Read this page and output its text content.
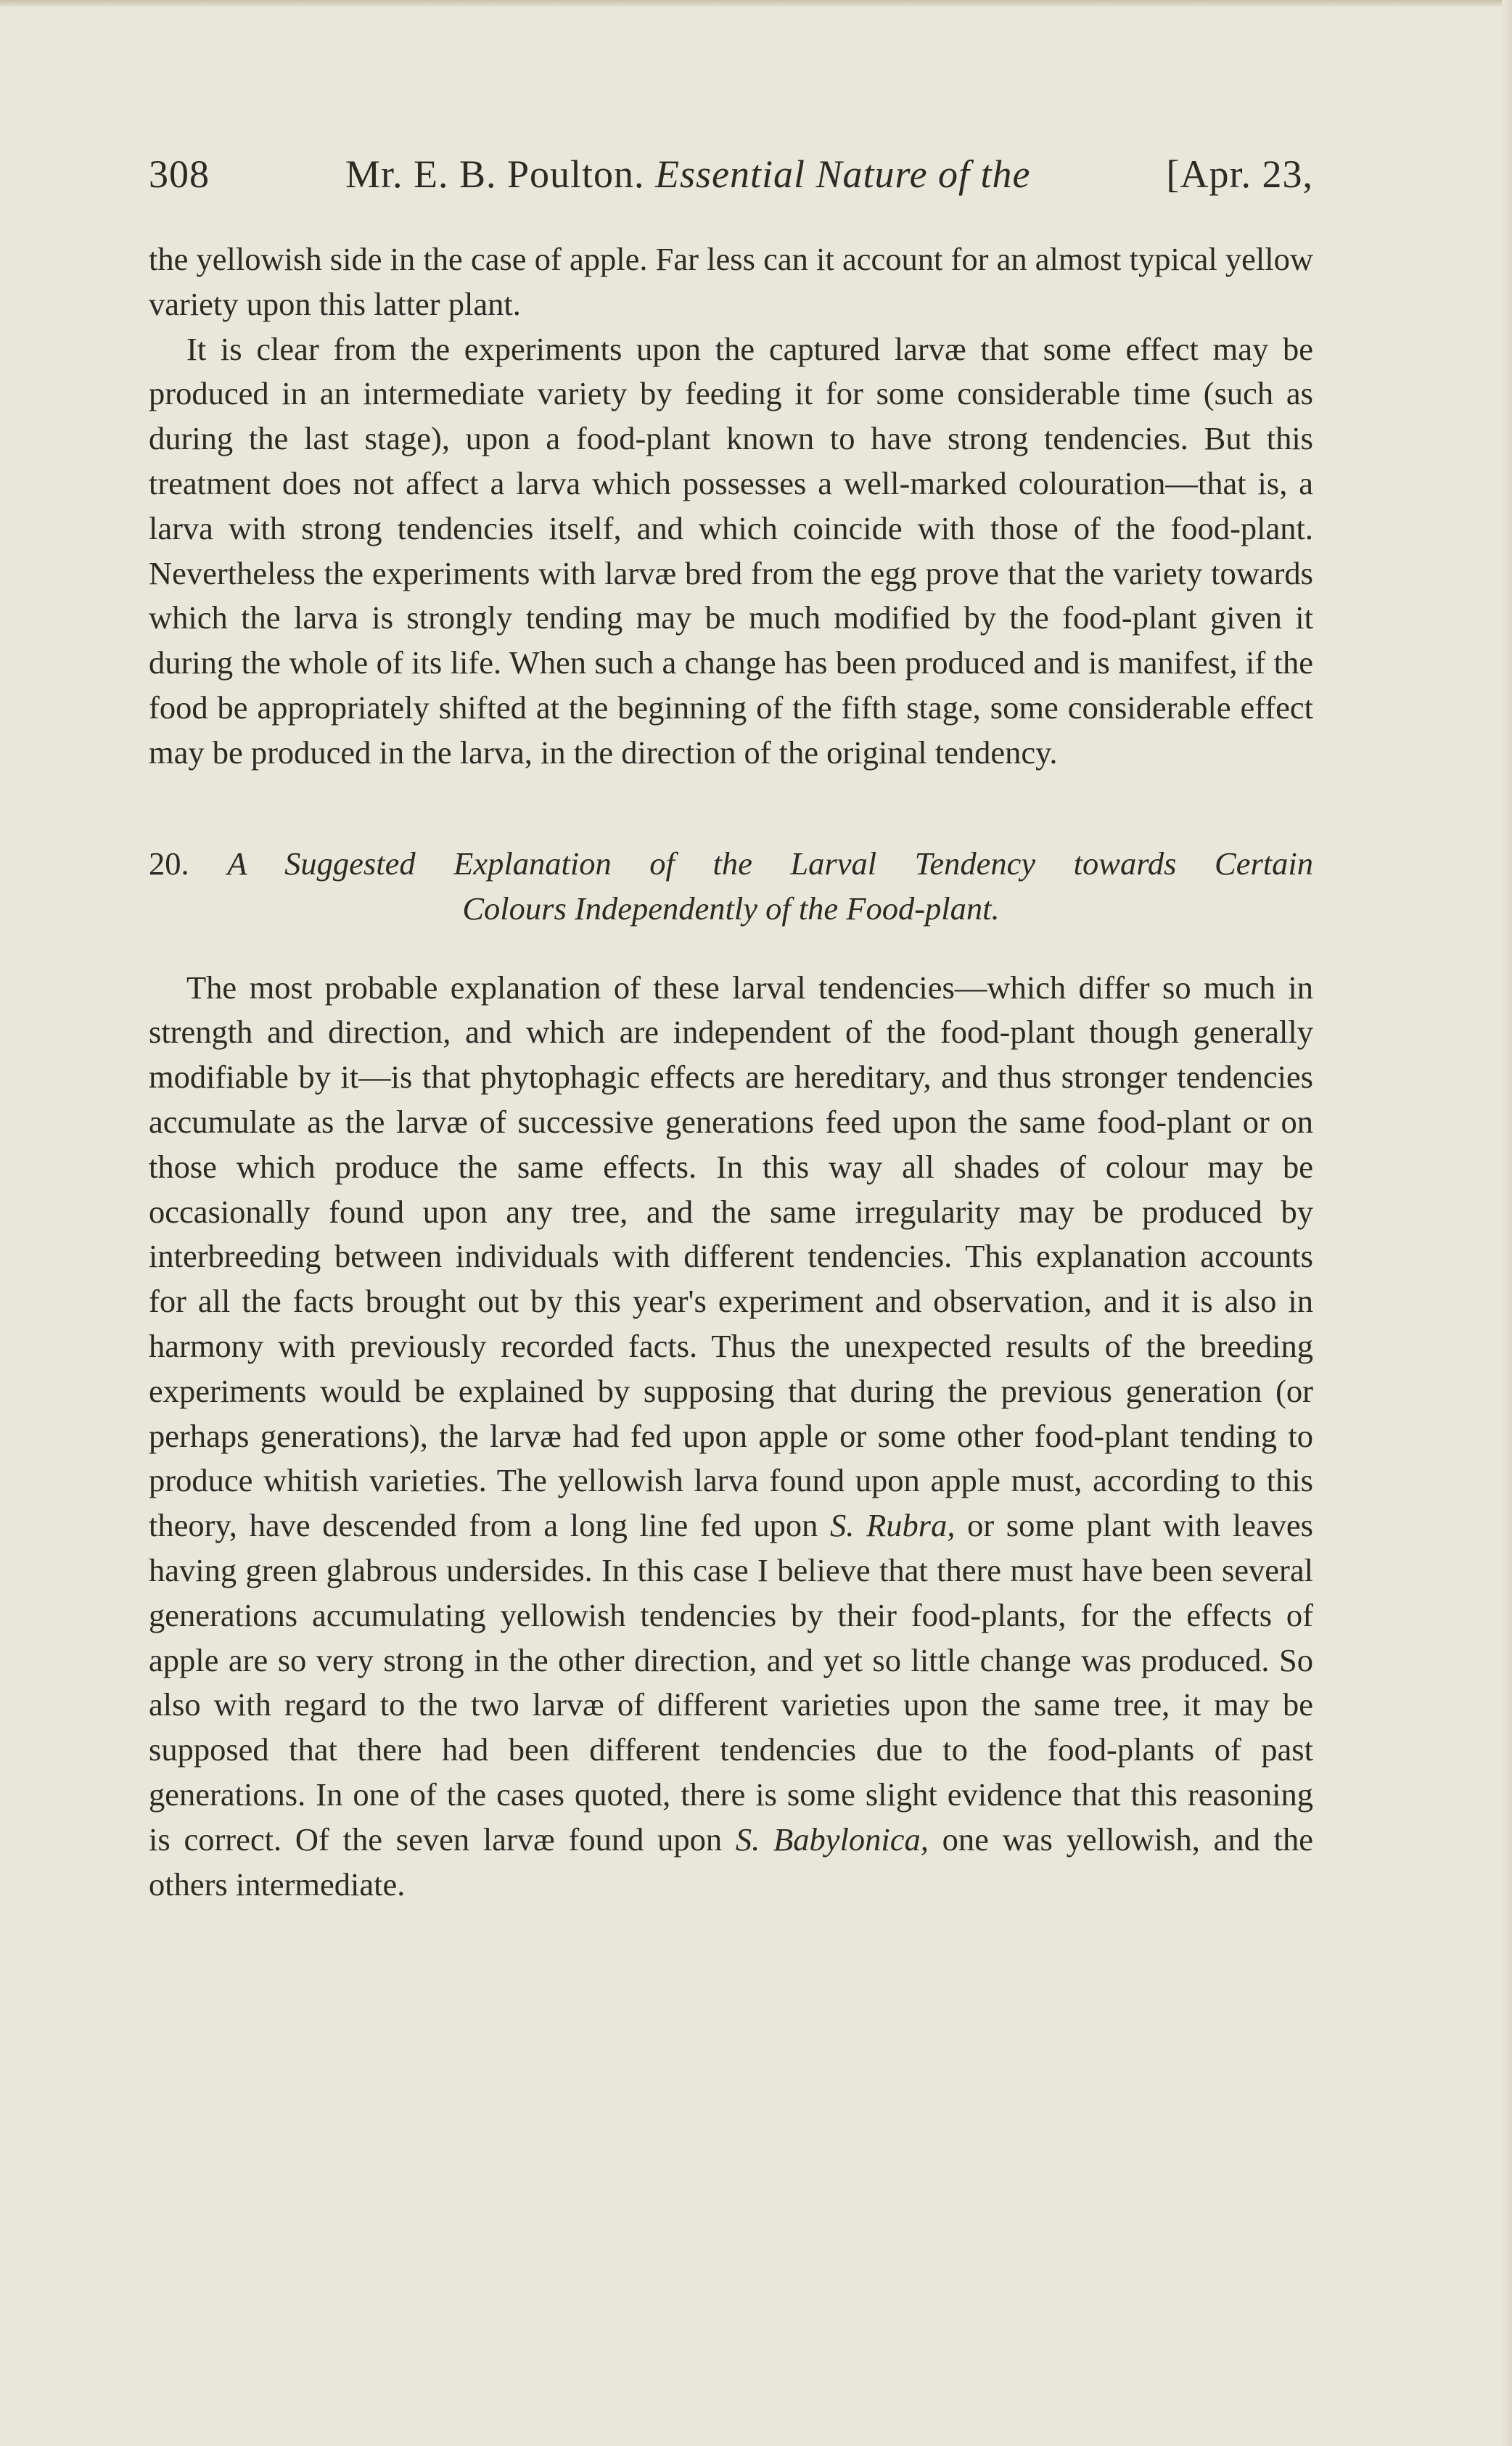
308	Mr. E. B. Poulton. Essential Nature of the	[Apr. 23,

the yellowish side in the case of apple. Far less can it account for an almost typical yellow variety upon this latter plant.

It is clear from the experiments upon the captured larvæ that some effect may be produced in an intermediate variety by feeding it for some considerable time (such as during the last stage), upon a food-plant known to have strong tendencies. But this treatment does not affect a larva which possesses a well-marked colouration—that is, a larva with strong tendencies itself, and which coincide with those of the food-plant. Nevertheless the experiments with larvæ bred from the egg prove that the variety towards which the larva is strongly tending may be much modified by the food-plant given it during the whole of its life. When such a change has been produced and is manifest, if the food be appropriately shifted at the beginning of the fifth stage, some considerable effect may be produced in the larva, in the direction of the original tendency.

20. A Suggested Explanation of the Larval Tendency towards Certain
Colours Independently of the Food-plant.

The most probable explanation of these larval tendencies—which differ so much in strength and direction, and which are independent of the food-plant though generally modifiable by it—is that phytophagic effects are hereditary, and thus stronger tendencies accumulate as the larvæ of successive generations feed upon the same food-plant or on those which produce the same effects. In this way all shades of colour may be occasionally found upon any tree, and the same irregularity may be produced by interbreeding between individuals with different tendencies. This explanation accounts for all the facts brought out by this year's experiment and observation, and it is also in harmony with previously recorded facts. Thus the unexpected results of the breeding experiments would be explained by supposing that during the previous generation (or perhaps generations), the larvæ had fed upon apple or some other food-plant tending to produce whitish varieties. The yellowish larva found upon apple must, according to this theory, have descended from a long line fed upon S. Rubra, or some plant with leaves having green glabrous undersides. In this case I believe that there must have been several generations accumulating yellowish tendencies by their food-plants, for the effects of apple are so very strong in the other direction, and yet so little change was produced. So also with regard to the two larvæ of different varieties upon the same tree, it may be supposed that there had been different tendencies due to the food-plants of past generations. In one of the cases quoted, there is some slight evidence that this reasoning is correct. Of the seven larvæ found upon S. Babylonica, one was yellowish, and the others intermediate.
